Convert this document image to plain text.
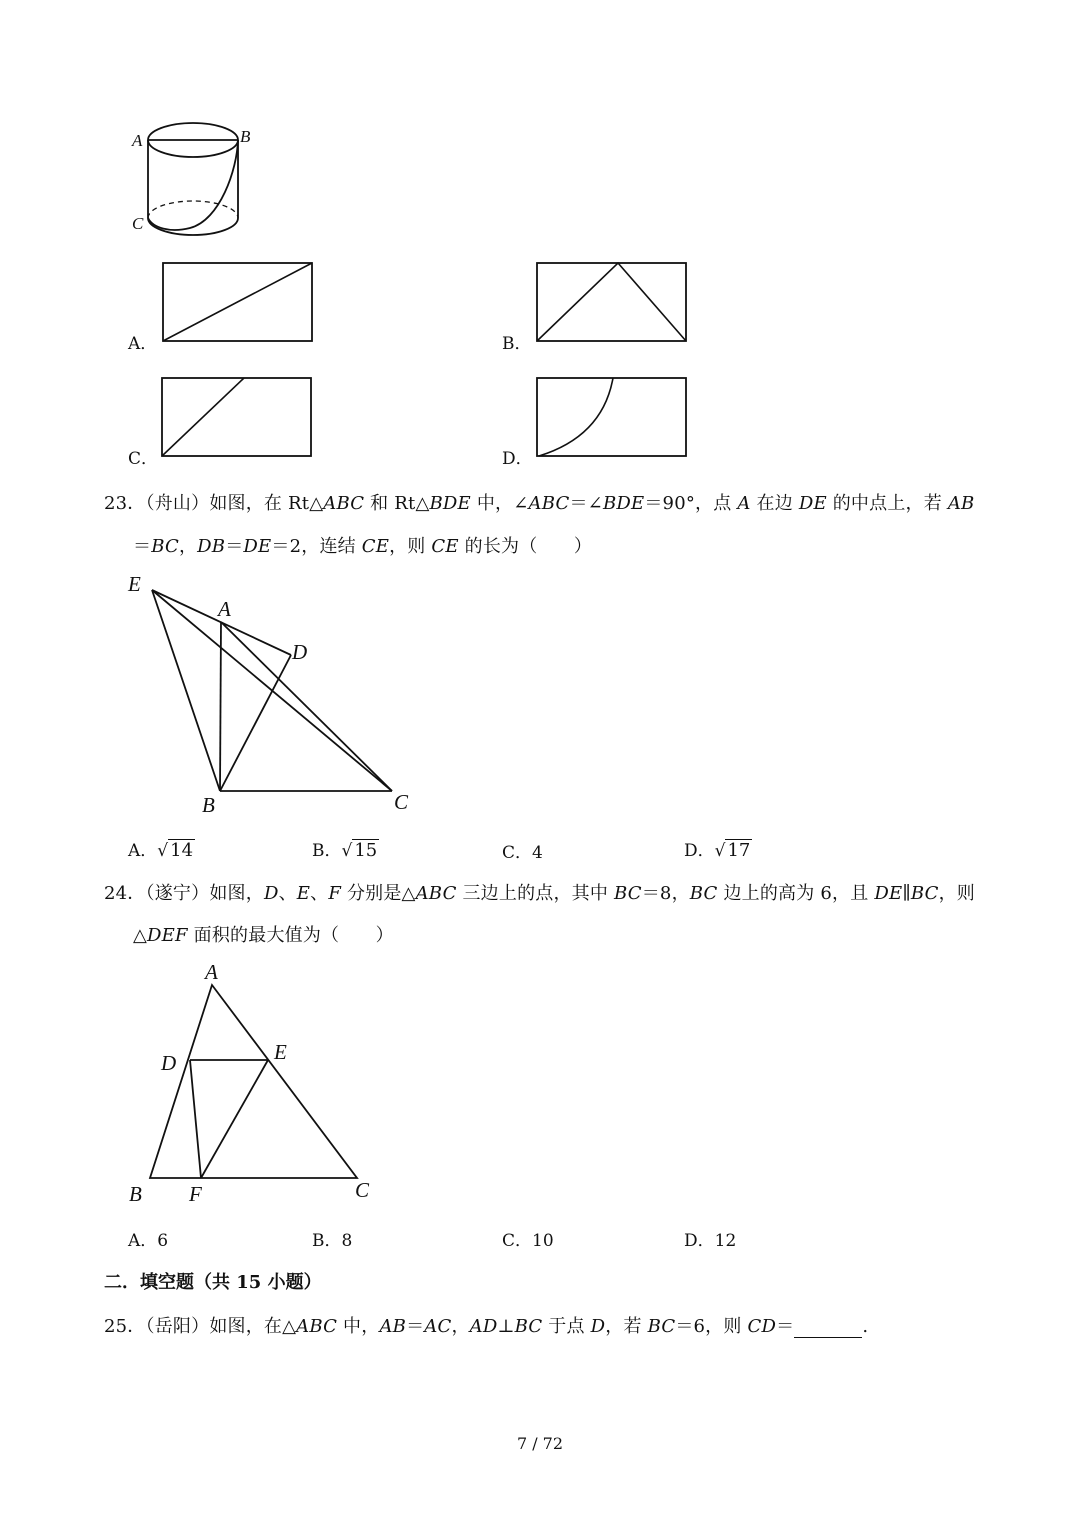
A	B
C
A．	B．
C．	D．
23．（舟山）如图，在 Rt△ABC 和 Rt△BDE 中，∠ABC＝∠BDE＝90°，点 A 在边 DE 的中点上，若 AB
＝BC，DB＝DE＝2，连结 CE，则 CE 的长为（　　）
E
A
D
B	C
A．√ 14	B．√ 15	C．4	D．√ 17
24．（遂宁）如图，D、E、F 分别是△ABC 三边上的点，其中 BC＝8，BC 边上的高为 6，且 DE∥BC，则
△DEF 面积的最大值为（　　）
A
D	E
B F	C
A．6	B．8	C．10	D．12
二．填空题（共 15 小题）
25．（岳阳）如图，在△ABC 中，AB＝AC，AD⊥BC 于点 D，若 BC＝6，则 CD＝	.
7 / 72
